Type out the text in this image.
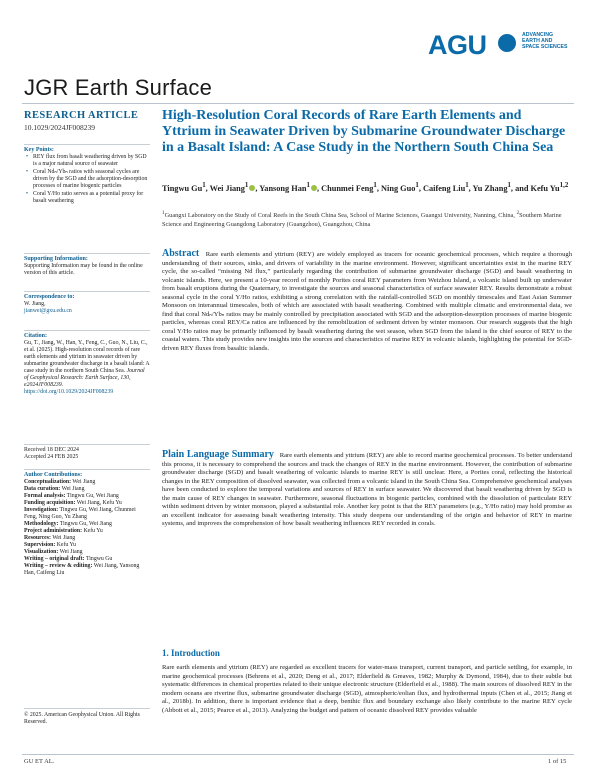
AGU	ADVANCING
EARTH AND
SPACE SCIENCES
JGR Earth Surface
RESEARCH ARTICLE
10.1029/2024JF008239
Key Points:
• REY flux from basalt weathering driven by SGD is a major natural source of seawater
• Coral Ndₙ/Ybₙ ratios with seasonal cycles are driven by the SGD and the adsorption-desorption processes of marine biogenic particles
• Coral Y/Ho ratio serves as a potential proxy for basalt weathering
Supporting Information:
Supporting Information may be found in the online version of this article.
Correspondence to:
W. Jiang,
jianwei@gxu.edu.cn
Citation:
Gu, T., Jiang, W., Han, Y., Feng, C., Guo, N., Liu, C., et al. (2025). High-resolution coral records of rare earth elements and yttrium in seawater driven by submarine groundwater discharge in a basalt island: A case study in the northern South China Sea. Journal of Geophysical Research: Earth Surface, 130, e2024JF008239. https://doi.org/10.1029/2024JF008239
Received 18 DEC 2024
Accepted 24 FEB 2025
Author Contributions:
Conceptualization: Wei Jiang
Data curation: Wei Jiang
Formal analysis: Tingwu Gu, Wei Jiang
Funding acquisition: Wei Jiang, Kefu Yu
Investigation: Tingwu Gu, Wei Jiang, Chunmei Feng, Ning Guo, Yu Zhang
Methodology: Tingwu Gu, Wei Jiang
Project administration: Kefu Yu
Resources: Wei Jiang
Supervision: Kefu Yu
Visualization: Wei Jiang
Writing – original draft: Tingwu Gu
Writing – review & editing: Wei Jiang, Yansong Han, Caifeng Liu
© 2025. American Geophysical Union. All Rights Reserved.
High-Resolution Coral Records of Rare Earth Elements and Yttrium in Seawater Driven by Submarine Groundwater Discharge in a Basalt Island: A Case Study in the Northern South China Sea
Tingwu Gu$^1$, Wei Jiang$^1$ , Yansong Han$^1$ , Chunmei Feng$^1$, Ning Guo$^1$, Caifeng Liu$^1$, Yu Zhang$^1$, and Kefu Yu$^{1,2}$
$^1$Guangxi Laboratory on the Study of Coral Reefs in the South China Sea, School of Marine Sciences, Guangxi University, Nanning, China, $^2$Southern Marine Science and Engineering Guangdong Laboratory (Guangzhou), Guangzhou, China
Abstract Rare earth elements and yttrium (REY) are widely employed as tracers for oceanic geochemical processes, which require a thorough understanding of their sources, sinks, and drivers of variability in the marine environment. However, significant uncertainties exist in the marine REY cycle, the so-called “missing Nd flux,” particularly regarding the contribution of submarine groundwater discharge (SGD) and basalt weathering in volcanic islands. Here, we present a 10-year record of monthly Porites coral REY parameters from Weizhou Island, a volcanic island built up underwater from basalt eruptions during the Quaternary, to investigate the sources and seasonal characteristics of surface seawater REY. Results demonstrate a robust seasonal cycle in the coral Y/Ho ratios, exhibiting a strong correlation with the rainfall-controlled SGD on monthly timescales and East Asian Summer Monsoon on interannual timescales, both of which are associated with basalt weathering. Combined with multiple climatic and environmental data, we find that coral Ndₙ/Ybₙ ratios may be mainly controlled by precipitation associated with SGD and the adsorption-desorption processes of marine biogenic particles, whereas coral REY/Ca ratios are influenced by the remobilization of sediment driven by winter monsoon. Our research suggests that the high coral Y/Ho ratios may be primarily influenced by basalt weathering during the wet season, when SGD from the island is the chief source of REY to the coastal waters. This study provides new insights into the sources and characteristics of marine REY in volcanic islands, highlighting the potential for SGD-driven REY fluxes from basaltic islands.
Plain Language Summary Rare earth elements and yttrium (REY) are able to record marine geochemical processes. To better understand this process, it is necessary to comprehend the sources and track the changes of REY in the marine environment. However, the contribution of submarine groundwater discharge (SGD) and basalt weathering of volcanic islands to marine REY is still unclear. Here, a Porites coral, reflecting the historical changes in the REY composition of dissolved seawater, was collected from a volcanic island in the South China Sea. Comprehensive geochemical analyses have been conducted to explore the temporal variations and sources of REY in surface seawater. We discovered that basalt weathering driven by SGD is the main cause of REY changes in seawater. Furthermore, seasonal fluctuations in biogenic particles, combined with the dissolution of particulate REY within sediment driven by winter monsoon, played a substantial role. Another key point is that the REY parameters (e.g., Y/Ho ratio) may hold promise as an excellent indicator for assessing basalt weathering intensity. This study deepens our understanding of the origin and behavior of REY in marine systems, and improves the comprehension of how basalt weathering influences REY recorded in corals.
1. Introduction
Rare earth elements and yttrium (REY) are regarded as excellent tracers for water-mass transport, current transport, and particle settling, for example, in marine geochemical processes (Behrens et al., 2020; Deng et al., 2017; Elderfield & Greaves, 1982; Murphy & Dymond, 1984), due to their subtle but systematic differences in chemical properties related to their unique electronic structure (Elderfield et al., 1988). The main sources of dissolved REY in the modern oceans are riverine flux, submarine groundwater discharge (SGD), atmospheric/eolian flux, and hydrothermal inputs (Chen et al., 2015; Jiang et al., 2018b). In addition, there is important evidence that a deep, benthic flux and boundary exchange also likely contribute to the marine REY cycle (Abbott et al., 2015; Pearce et al., 2013). Analyzing the budget and pattern of oceanic dissolved REY provides valuable
GU ET AL.	1 of 15
